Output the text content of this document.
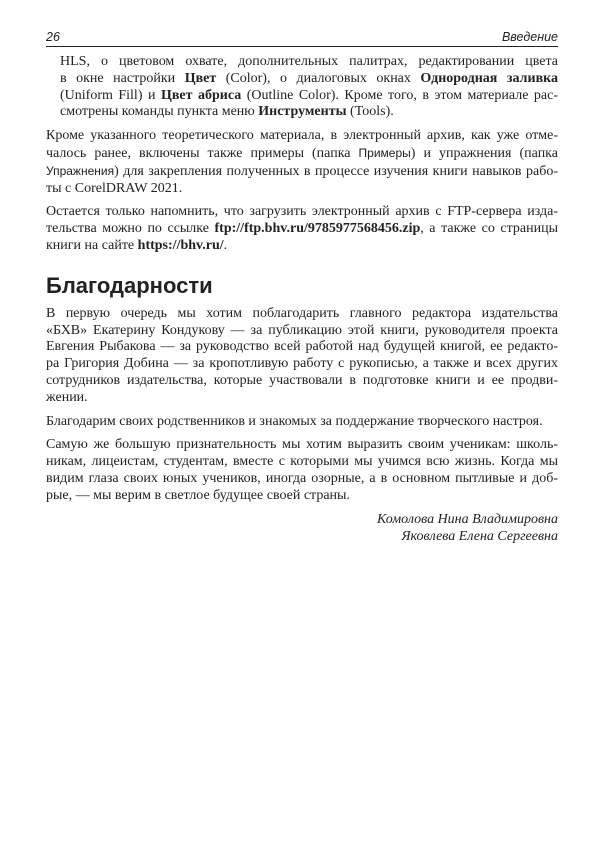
26	Введение
HLS, о цветовом охвате, дополнительных палитрах, редактировании цвета
в окне настройки Цвет (Color), о диалоговых окнах Однородная заливка
(Uniform Fill) и Цвет абриса (Outline Color). Кроме того, в этом материале рас-
смотрены команды пункта меню Инструменты (Tools).
Кроме указанного теоретического материала, в электронный архив, как уже отме-
чалось ранее, включены также примеры (папка Примеры) и упражнения (папка
Упражнения) для закрепления полученных в процессе изучения книги навыков рабо-
ты с CorelDRAW 2021.
Остается только напомнить, что загрузить электронный архив с FTP-сервера изда-
тельства можно по ссылке ftp://ftp.bhv.ru/9785977568456.zip, а также со страницы
книги на сайте https://bhv.ru/.
Благодарности
В первую очередь мы хотим поблагодарить главного редактора издательства
«БХВ» Екатерину Кондукову — за публикацию этой книги, руководителя проекта
Евгения Рыбакова — за руководство всей работой над будущей книгой, ее редакто-
ра Григория Добина — за кропотливую работу с рукописью, а также и всех других
сотрудников издательства, которые участвовали в подготовке книги и ее продви-
жении.
Благодарим своих родственников и знакомых за поддержание творческого настроя.
Самую же большую признательность мы хотим выразить своим ученикам: школь-
никам, лицеистам, студентам, вместе с которыми мы учимся всю жизнь. Когда мы
видим глаза своих юных учеников, иногда озорные, а в основном пытливые и доб-
рые, — мы верим в светлое будущее своей страны.
Комолова Нина Владимировна
Яковлева Елена Сергеевна
